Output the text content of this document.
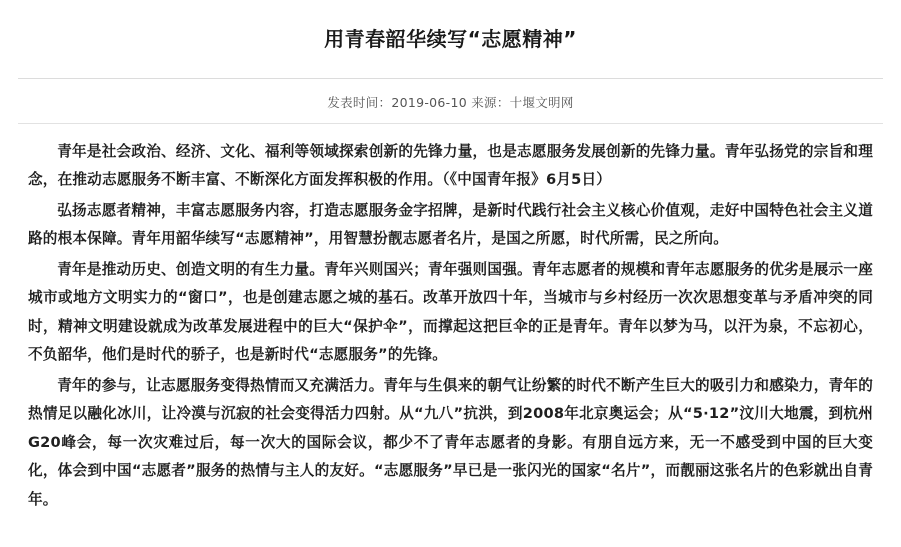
用青春韶华续写“志愿精神”
发表时间：2019-06-10 来源：十堰文明网

青年是社会政治、经济、文化、福利等领域探索创新的先锋力量，也是志愿服务发展创新的先锋力量。青年弘扬党的宗旨和理念，在推动志愿服务不断丰富、不断深化方面发挥积极的作用。（《中国青年报》6月5日）

弘扬志愿者精神，丰富志愿服务内容，打造志愿服务金字招牌，是新时代践行社会主义核心价值观，走好中国特色社会主义道路的根本保障。青年用韶华续写“志愿精神”，用智慧扮靓志愿者名片，是国之所愿，时代所需，民之所向。

青年是推动历史、创造文明的有生力量。青年兴则国兴；青年强则国强。青年志愿者的规模和青年志愿服务的优劣是展示一座城市或地方文明实力的“窗口”，也是创建志愿之城的基石。改革开放四十年，当城市与乡村经历一次次思想变革与矛盾冲突的同时，精神文明建设就成为改革发展进程中的巨大“保护伞”，而撑起这把巨伞的正是青年。青年以梦为马，以汗为泉，不忘初心，不负韶华，他们是时代的骄子，也是新时代“志愿服务”的先锋。

青年的参与，让志愿服务变得热情而又充满活力。青年与生俱来的朝气让纷繁的时代不断产生巨大的吸引力和感染力，青年的热情足以融化冰川，让冷漠与沉寂的社会变得活力四射。从“九八”抗洪，到2008年北京奥运会；从“5·12”汶川大地震，到杭州G20峰会，每一次灾难过后，每一次大的国际会议，都少不了青年志愿者的身影。有朋自远方来，无一不感受到中国的巨大变化，体会到中国“志愿者”服务的热情与主人的友好。“志愿服务”早已是一张闪光的国家“名片”，而靓丽这张名片的色彩就出自青年。
